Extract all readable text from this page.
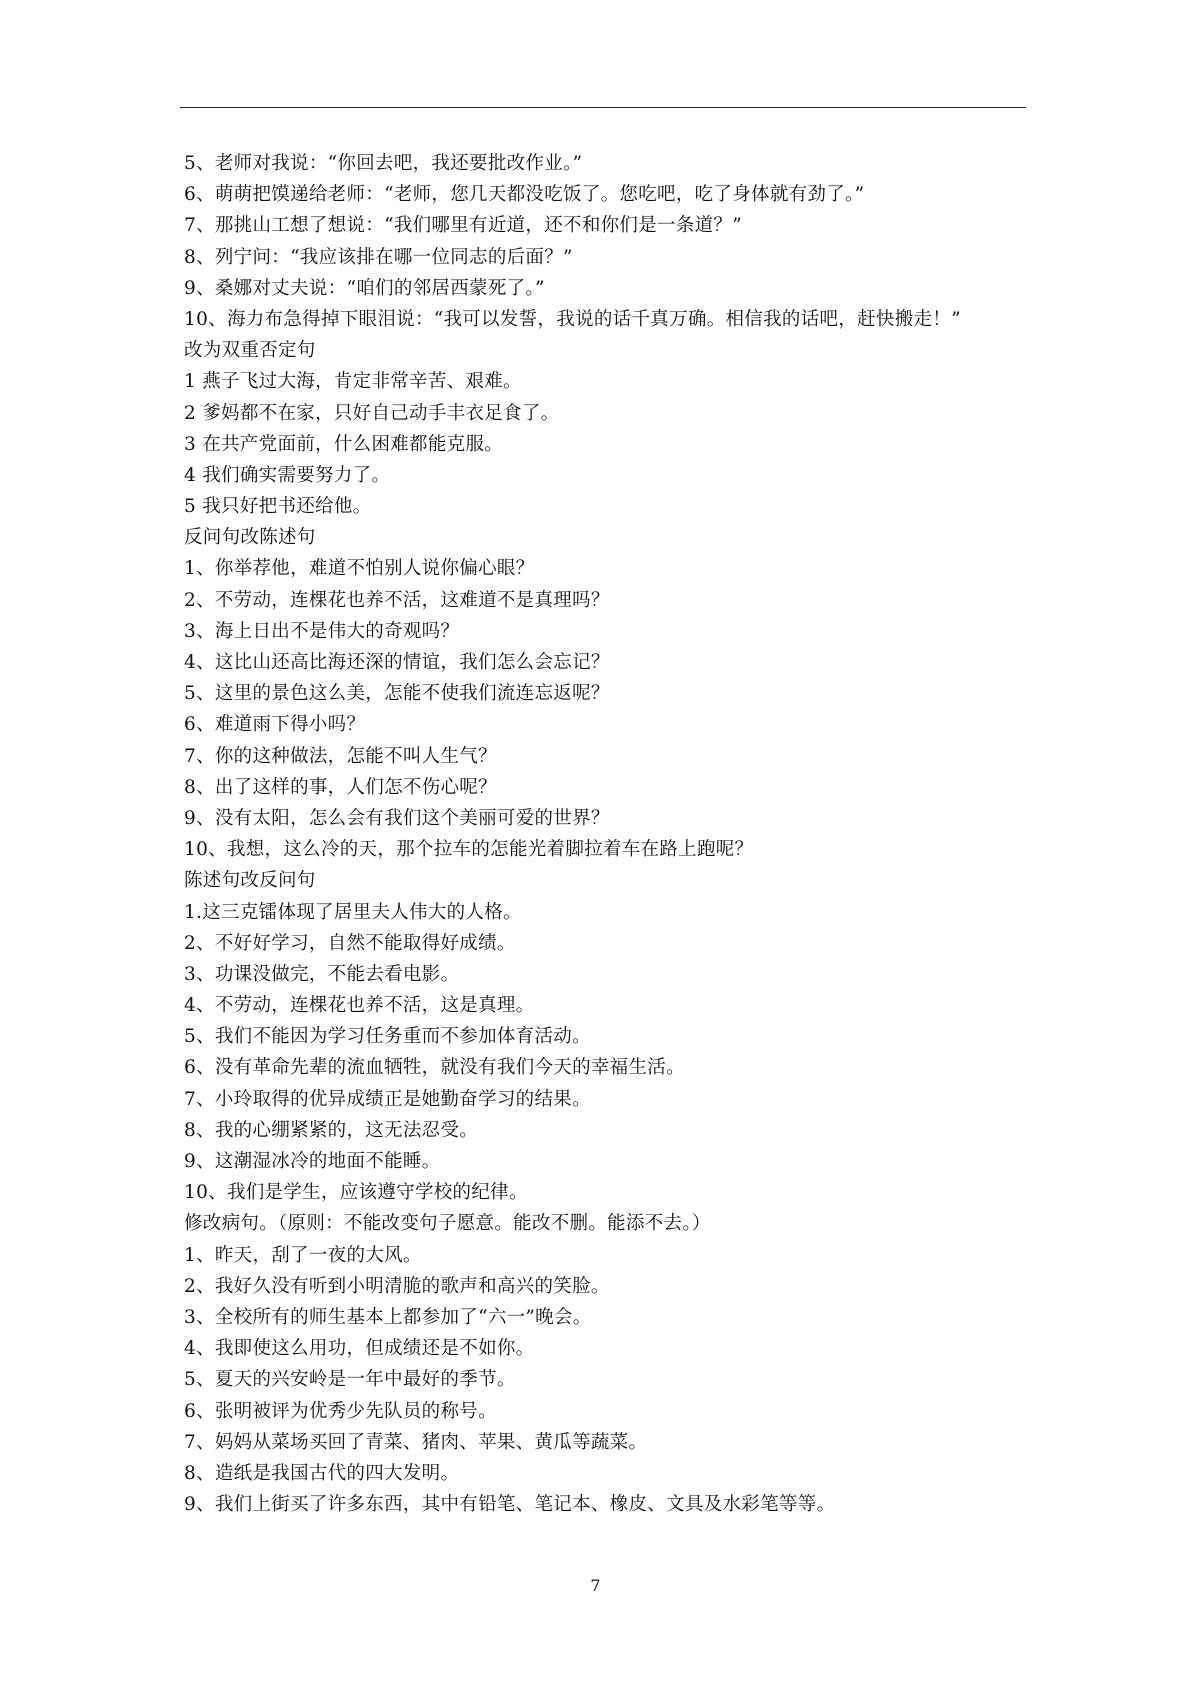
5、老师对我说：“你回去吧，我还要批改作业。”
6、萌萌把馍递给老师：“老师，您几天都没吃饭了。您吃吧，吃了身体就有劲了。”
7、那挑山工想了想说：“我们哪里有近道，还不和你们是一条道？”
8、列宁问：“我应该排在哪一位同志的后面？”
9、桑娜对丈夫说：“咱们的邻居西蒙死了。”
10、海力布急得掉下眼泪说：“我可以发誓，我说的话千真万确。相信我的话吧，赶快搬走！”
改为双重否定句
1 燕子飞过大海，肯定非常辛苦、艰难。
2 爹妈都不在家，只好自己动手丰衣足食了。
3 在共产党面前，什么困难都能克服。
4 我们确实需要努力了。
5 我只好把书还给他。
反问句改陈述句
1、你举荐他，难道不怕别人说你偏心眼？
2、不劳动，连棵花也养不活，这难道不是真理吗？
3、海上日出不是伟大的奇观吗？
4、这比山还高比海还深的情谊，我们怎么会忘记？
5、这里的景色这么美，怎能不使我们流连忘返呢？
6、难道雨下得小吗？
7、你的这种做法，怎能不叫人生气？
8、出了这样的事，人们怎不伤心呢？
9、没有太阳，怎么会有我们这个美丽可爱的世界？
10、我想，这么冷的天，那个拉车的怎能光着脚拉着车在路上跑呢？
陈述句改反问句
1.这三克镭体现了居里夫人伟大的人格。
2、不好好学习，自然不能取得好成绩。
3、功课没做完，不能去看电影。
4、不劳动，连棵花也养不活，这是真理。
5、我们不能因为学习任务重而不参加体育活动。
6、没有革命先辈的流血牺牲，就没有我们今天的幸福生活。
7、小玲取得的优异成绩正是她勤奋学习的结果。
8、我的心绷紧紧的，这无法忍受。
9、这潮湿冰冷的地面不能睡。
10、我们是学生，应该遵守学校的纪律。
修改病句。（原则：不能改变句子愿意。能改不删。能添不去。）
1、昨天，刮了一夜的大风。
2、我好久没有听到小明清脆的歌声和高兴的笑脸。
3、全校所有的师生基本上都参加了“六一”晚会。
4、我即使这么用功，但成绩还是不如你。
5、夏天的兴安岭是一年中最好的季节。
6、张明被评为优秀少先队员的称号。
7、妈妈从菜场买回了青菜、猪肉、苹果、黄瓜等蔬菜。
8、造纸是我国古代的四大发明。
9、我们上街买了许多东西，其中有铅笔、笔记本、橡皮、文具及水彩笔等等。
7
